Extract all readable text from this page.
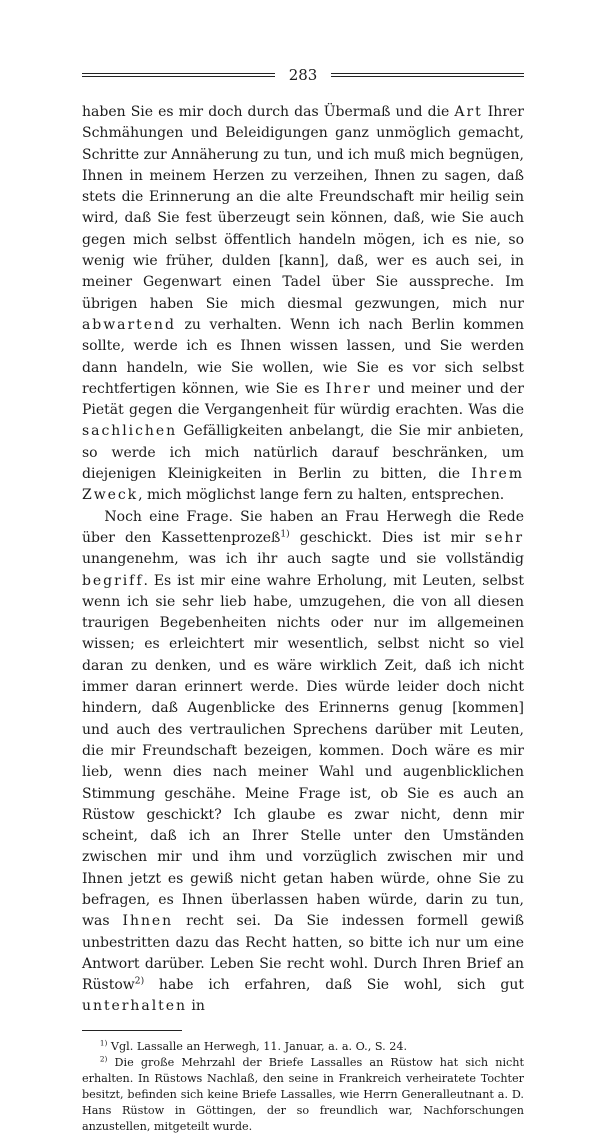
283

haben Sie es mir doch durch das Übermaß und die Art Ihrer Schmähungen und Beleidigungen ganz unmöglich gemacht, Schritte zur Annäherung zu tun, und ich muß mich begnügen, Ihnen in meinem Herzen zu verzeihen, Ihnen zu sagen, daß stets die Erinnerung an die alte Freundschaft mir heilig sein wird, daß Sie fest überzeugt sein können, daß, wie Sie auch gegen mich selbst öffentlich handeln mögen, ich es nie, so wenig wie früher, dulden [kann], daß, wer es auch sei, in meiner Gegenwart einen Tadel über Sie ausspreche. Im übrigen haben Sie mich diesmal gezwungen, mich nur abwartend zu verhalten. Wenn ich nach Berlin kommen sollte, werde ich es Ihnen wissen lassen, und Sie werden dann handeln, wie Sie wollen, wie Sie es vor sich selbst rechtfertigen können, wie Sie es Ihrer und meiner und der Pietät gegen die Vergangenheit für würdig erachten. Was die sachlichen Gefälligkeiten anbelangt, die Sie mir anbieten, so werde ich mich natürlich darauf beschränken, um diejenigen Kleinigkeiten in Berlin zu bitten, die Ihrem Zweck, mich möglichst lange fern zu halten, entsprechen.

Noch eine Frage. Sie haben an Frau Herwegh die Rede über den Kassettenprozeß$^{1)}$ geschickt. Dies ist mir sehr unangenehm, was ich ihr auch sagte und sie vollständig begriff. Es ist mir eine wahre Erholung, mit Leuten, selbst wenn ich sie sehr lieb habe, umzugehen, die von all diesen traurigen Begebenheiten nichts oder nur im allgemeinen wissen; es erleichtert mir wesentlich, selbst nicht so viel daran zu denken, und es wäre wirklich Zeit, daß ich nicht immer daran erinnert werde. Dies würde leider doch nicht hindern, daß Augenblicke des Erinnerns genug [kommen] und auch des vertraulichen Sprechens darüber mit Leuten, die mir Freundschaft bezeigen, kommen. Doch wäre es mir lieb, wenn dies nach meiner Wahl und augenblicklichen Stimmung geschähe. Meine Frage ist, ob Sie es auch an Rüstow geschickt? Ich glaube es zwar nicht, denn mir scheint, daß ich an Ihrer Stelle unter den Umständen zwischen mir und ihm und vorzüglich zwischen mir und Ihnen jetzt es gewiß nicht getan haben würde, ohne Sie zu befragen, es Ihnen überlassen haben würde, darin zu tun, was Ihnen recht sei. Da Sie indessen formell gewiß unbestritten dazu das Recht hatten, so bitte ich nur um eine Antwort darüber. Leben Sie recht wohl. Durch Ihren Brief an Rüstow$^{2)}$ habe ich erfahren, daß Sie wohl, sich gut unterhalten in

$^{1)}$ Vgl. Lassalle an Herwegh, 11. Januar, a. a. O., S. 24.

$^{2)}$ Die große Mehrzahl der Briefe Lassalles an Rüstow hat sich nicht erhalten. In Rüstows Nachlaß, den seine in Frankreich verheiratete Tochter besitzt, befinden sich keine Briefe Lassalles, wie Herrn Generalleutnant a. D. Hans Rüstow in Göttingen, der so freundlich war, Nachforschungen anzustellen, mitgeteilt wurde.
